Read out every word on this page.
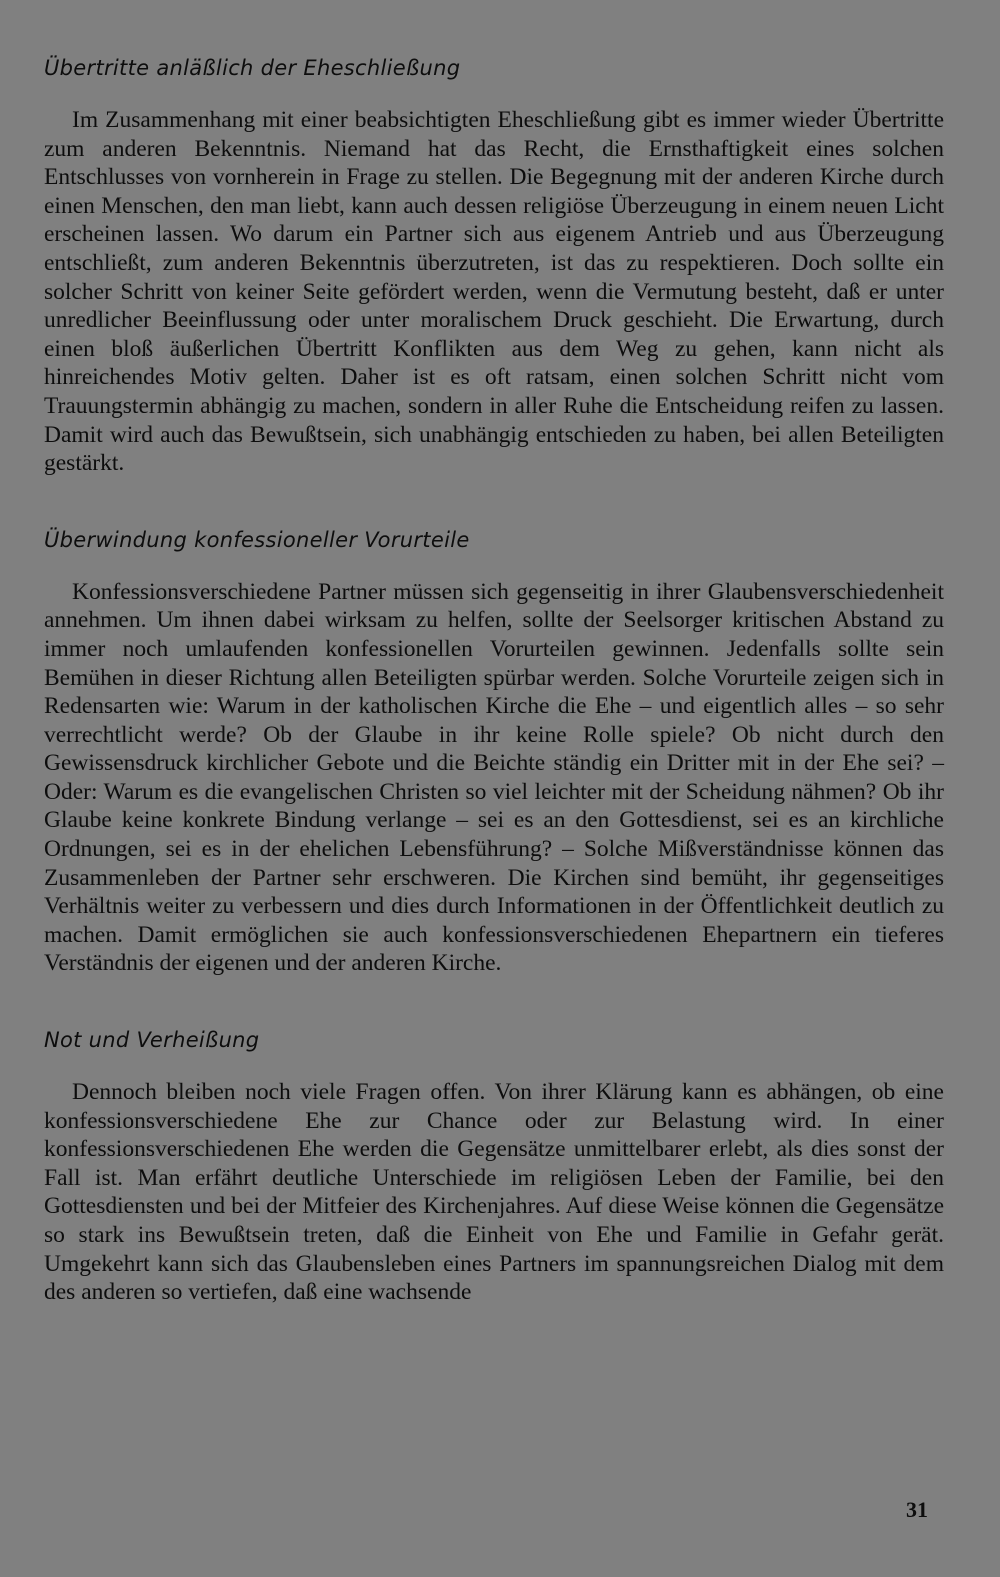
Übertritte anläßlich der Eheschließung

Im Zusammenhang mit einer beabsichtigten Eheschließung gibt es immer wieder Übertritte zum anderen Bekenntnis. Niemand hat das Recht, die Ernsthaftigkeit eines solchen Entschlusses von vornherein in Frage zu stellen. Die Begegnung mit der anderen Kirche durch einen Menschen, den man liebt, kann auch dessen religiöse Überzeugung in einem neuen Licht erscheinen lassen. Wo darum ein Partner sich aus eigenem Antrieb und aus Überzeugung entschließt, zum anderen Bekenntnis überzutreten, ist das zu respektieren. Doch sollte ein solcher Schritt von keiner Seite gefördert werden, wenn die Vermutung besteht, daß er unter unredlicher Beeinflussung oder unter moralischem Druck geschieht. Die Erwartung, durch einen bloß äußerlichen Übertritt Konflikten aus dem Weg zu gehen, kann nicht als hinreichendes Motiv gelten. Daher ist es oft ratsam, einen solchen Schritt nicht vom Trauungstermin abhängig zu machen, sondern in aller Ruhe die Entscheidung reifen zu lassen. Damit wird auch das Bewußtsein, sich unabhängig entschieden zu haben, bei allen Beteiligten gestärkt.

Überwindung konfessioneller Vorurteile

Konfessionsverschiedene Partner müssen sich gegenseitig in ihrer Glaubensverschiedenheit annehmen. Um ihnen dabei wirksam zu helfen, sollte der Seelsorger kritischen Abstand zu immer noch umlaufenden konfessionellen Vorurteilen gewinnen. Jedenfalls sollte sein Bemühen in dieser Richtung allen Beteiligten spürbar werden. Solche Vorurteile zeigen sich in Redensarten wie: Warum in der katholischen Kirche die Ehe – und eigentlich alles – so sehr verrechtlicht werde? Ob der Glaube in ihr keine Rolle spiele? Ob nicht durch den Gewissensdruck kirchlicher Gebote und die Beichte ständig ein Dritter mit in der Ehe sei? – Oder: Warum es die evangelischen Christen so viel leichter mit der Scheidung nähmen? Ob ihr Glaube keine konkrete Bindung verlange – sei es an den Gottesdienst, sei es an kirchliche Ordnungen, sei es in der ehelichen Lebensführung? – Solche Mißverständnisse können das Zusammenleben der Partner sehr erschweren. Die Kirchen sind bemüht, ihr gegenseitiges Verhältnis weiter zu verbessern und dies durch Informationen in der Öffentlichkeit deutlich zu machen. Damit ermöglichen sie auch konfessionsverschiedenen Ehepartnern ein tieferes Verständnis der eigenen und der anderen Kirche.

Not und Verheißung

Dennoch bleiben noch viele Fragen offen. Von ihrer Klärung kann es abhängen, ob eine konfessionsverschiedene Ehe zur Chance oder zur Belastung wird. In einer konfessionsverschiedenen Ehe werden die Gegensätze unmittelbarer erlebt, als dies sonst der Fall ist. Man erfährt deutliche Unterschiede im religiösen Leben der Familie, bei den Gottesdiensten und bei der Mitfeier des Kirchenjahres. Auf diese Weise können die Gegensätze so stark ins Bewußtsein treten, daß die Einheit von Ehe und Familie in Gefahr gerät. Umgekehrt kann sich das Glaubensleben eines Partners im spannungsreichen Dialog mit dem des anderen so vertiefen, daß eine wachsende

31
